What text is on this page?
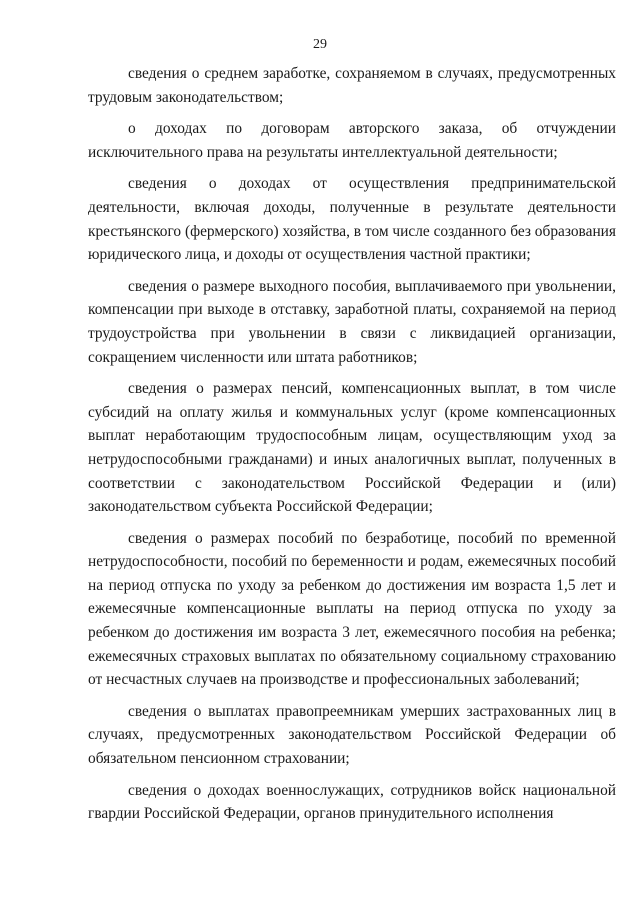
29

сведения о среднем заработке, сохраняемом в случаях, предусмотренных трудовым законодательством;

о доходах по договорам авторского заказа, об отчуждении исключительного права на результаты интеллектуальной деятельности;

сведения о доходах от осуществления предпринимательской деятельности, включая доходы, полученные в результате деятельности крестьянского (фермерского) хозяйства, в том числе созданного без образования юридического лица, и доходы от осуществления частной практики;

сведения о размере выходного пособия, выплачиваемого при увольнении, компенсации при выходе в отставку, заработной платы, сохраняемой на период трудоустройства при увольнении в связи с ликвидацией организации, сокращением численности или штата работников;

сведения о размерах пенсий, компенсационных выплат, в том числе субсидий на оплату жилья и коммунальных услуг (кроме компенсационных выплат неработающим трудоспособным лицам, осуществляющим уход за нетрудоспособными гражданами) и иных аналогичных выплат, полученных в соответствии с законодательством Российской Федерации и (или) законодательством субъекта Российской Федерации;

сведения о размерах пособий по безработице, пособий по временной нетрудоспособности, пособий по беременности и родам, ежемесячных пособий на период отпуска по уходу за ребенком до достижения им возраста 1,5 лет и ежемесячные компенсационные выплаты на период отпуска по уходу за ребенком до достижения им возраста 3 лет, ежемесячного пособия на ребенка; ежемесячных страховых выплатах по обязательному социальному страхованию от несчастных случаев на производстве и профессиональных заболеваний;

сведения о выплатах правопреемникам умерших застрахованных лиц в случаях, предусмотренных законодательством Российской Федерации об обязательном пенсионном страховании;

сведения о доходах военнослужащих, сотрудников войск национальной гвардии Российской Федерации, органов принудительного исполнения
